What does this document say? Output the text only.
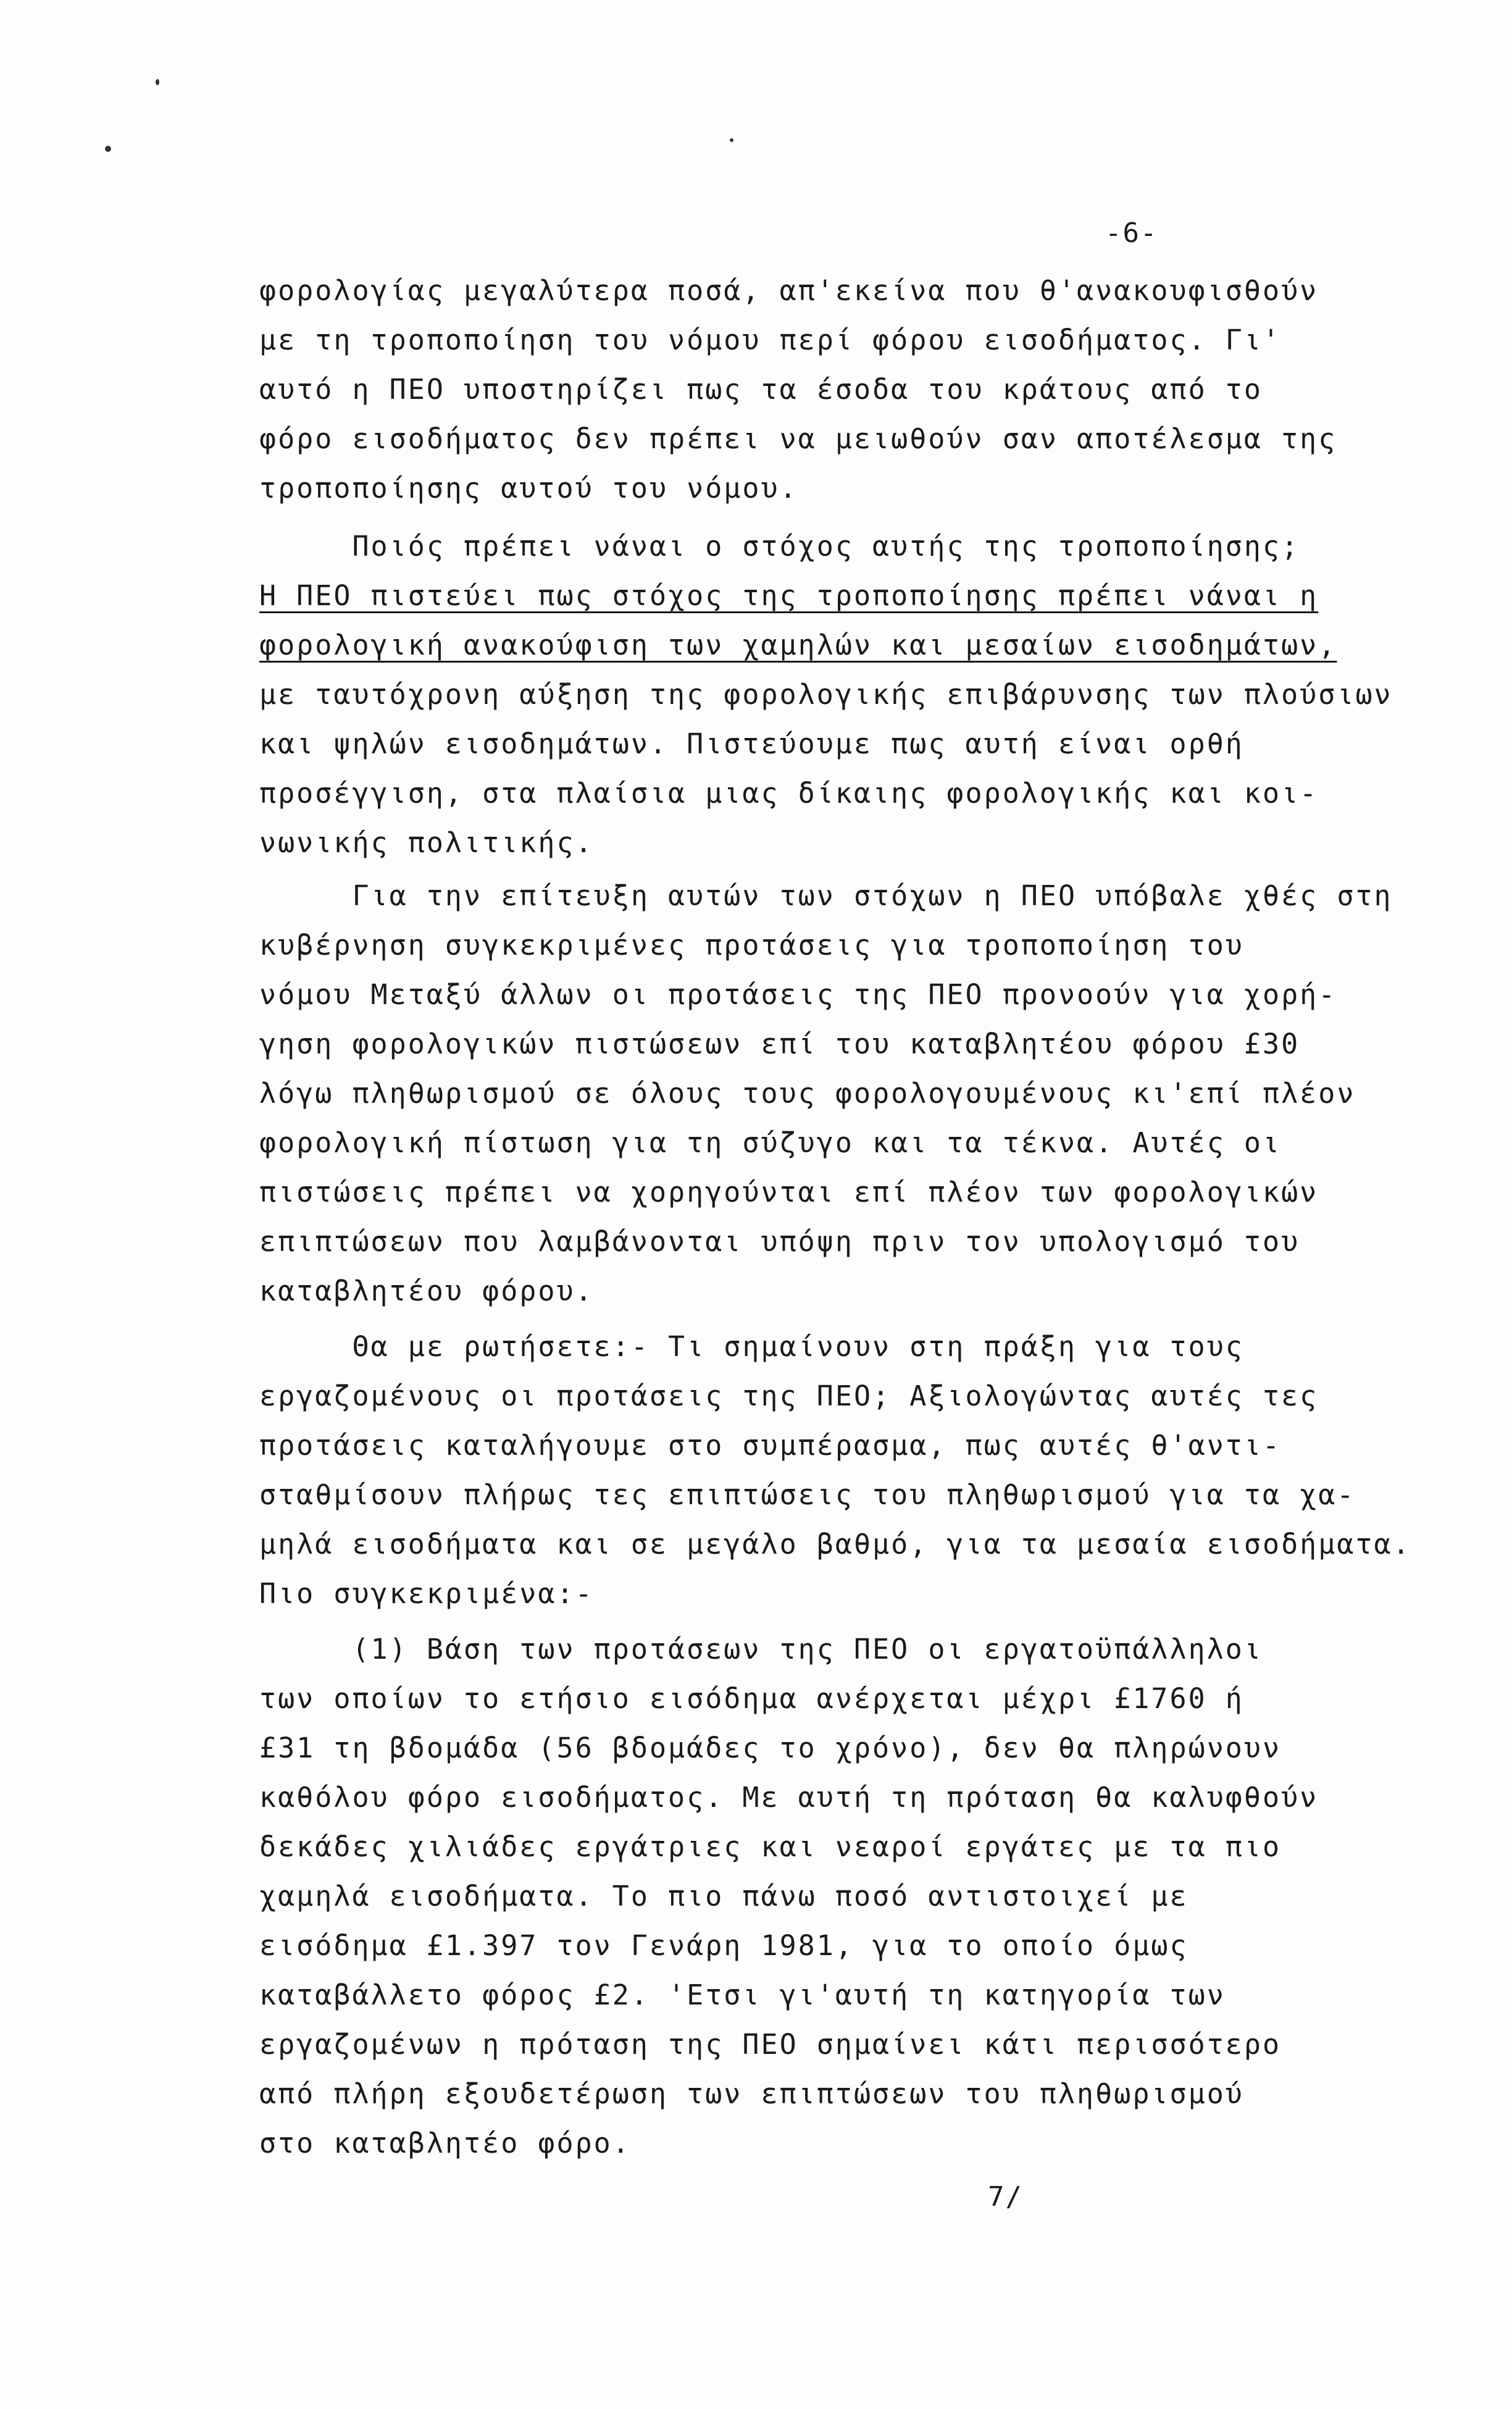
-6-
φορολογίας μεγαλύτερα ποσά, απ'εκείνα που θ'ανακουφισθούν
με τη τροποποίηση του νόμου περί φόρου εισοδήματος. Γι'
αυτό η ΠΕΟ υποστηρίζει πως τα έσοδα του κράτους από το
φόρο εισοδήματος δεν πρέπει να μειωθούν σαν αποτέλεσμα της
τροποποίησης αυτού του νόμου.
Ποιός πρέπει νάναι ο στόχος αυτής της τροποποίησης;
Η ΠΕΟ πιστεύει πως στόχος της τροποποίησης πρέπει νάναι η
φορολογική ανακούφιση των χαμηλών και μεσαίων εισοδημάτων,
με ταυτόχρονη αύξηση της φορολογικής επιβάρυνσης των πλούσιων
και ψηλών εισοδημάτων. Πιστεύουμε πως αυτή είναι ορθή
προσέγγιση, στα πλαίσια μιας δίκαιης φορολογικής και κοι-
νωνικής πολιτικής.
Για την επίτευξη αυτών των στόχων η ΠΕΟ υπόβαλε χθές στη
κυβέρνηση συγκεκριμένες προτάσεις για τροποποίηση του
νόμου Μεταξύ άλλων οι προτάσεις της ΠΕΟ προνοούν για χορή-
γηση φορολογικών πιστώσεων επί του καταβλητέου φόρου £30
λόγω πληθωρισμού σε όλους τους φορολογουμένους κι'επί πλέον
φορολογική πίστωση για τη σύζυγο και τα τέκνα. Αυτές οι
πιστώσεις πρέπει να χορηγούνται επί πλέον των φορολογικών
επιπτώσεων που λαμβάνονται υπόψη πριν τον υπολογισμό του
καταβλητέου φόρου.
Θα με ρωτήσετε:- Τι σημαίνουν στη πράξη για τους
εργαζομένους οι προτάσεις της ΠΕΟ; Αξιολογώντας αυτές τες
προτάσεις καταλήγουμε στο συμπέρασμα, πως αυτές θ'αντι-
σταθμίσουν πλήρως τες επιπτώσεις του πληθωρισμού για τα χα-
μηλά εισοδήματα και σε μεγάλο βαθμό, για τα μεσαία εισοδήματα.
Πιο συγκεκριμένα:-
(1) Βάση των προτάσεων της ΠΕΟ οι εργατοϋπάλληλοι
των οποίων το ετήσιο εισόδημα ανέρχεται μέχρι £1760 ή
£31 τη βδομάδα (56 βδομάδες το χρόνο), δεν θα πληρώνουν
καθόλου φόρο εισοδήματος. Με αυτή τη πρόταση θα καλυφθούν
δεκάδες χιλιάδες εργάτριες και νεαροί εργάτες με τα πιο
χαμηλά εισοδήματα. Το πιο πάνω ποσό αντιστοιχεί με
εισόδημα £1.397 τον Γενάρη 1981, για το οποίο όμως
καταβάλλετο φόρος £2. 'Ετσι γι'αυτή τη κατηγορία των
εργαζομένων η πρόταση της ΠΕΟ σημαίνει κάτι περισσότερο
από πλήρη εξουδετέρωση των επιπτώσεων του πληθωρισμού
στο καταβλητέο φόρο.
7/
